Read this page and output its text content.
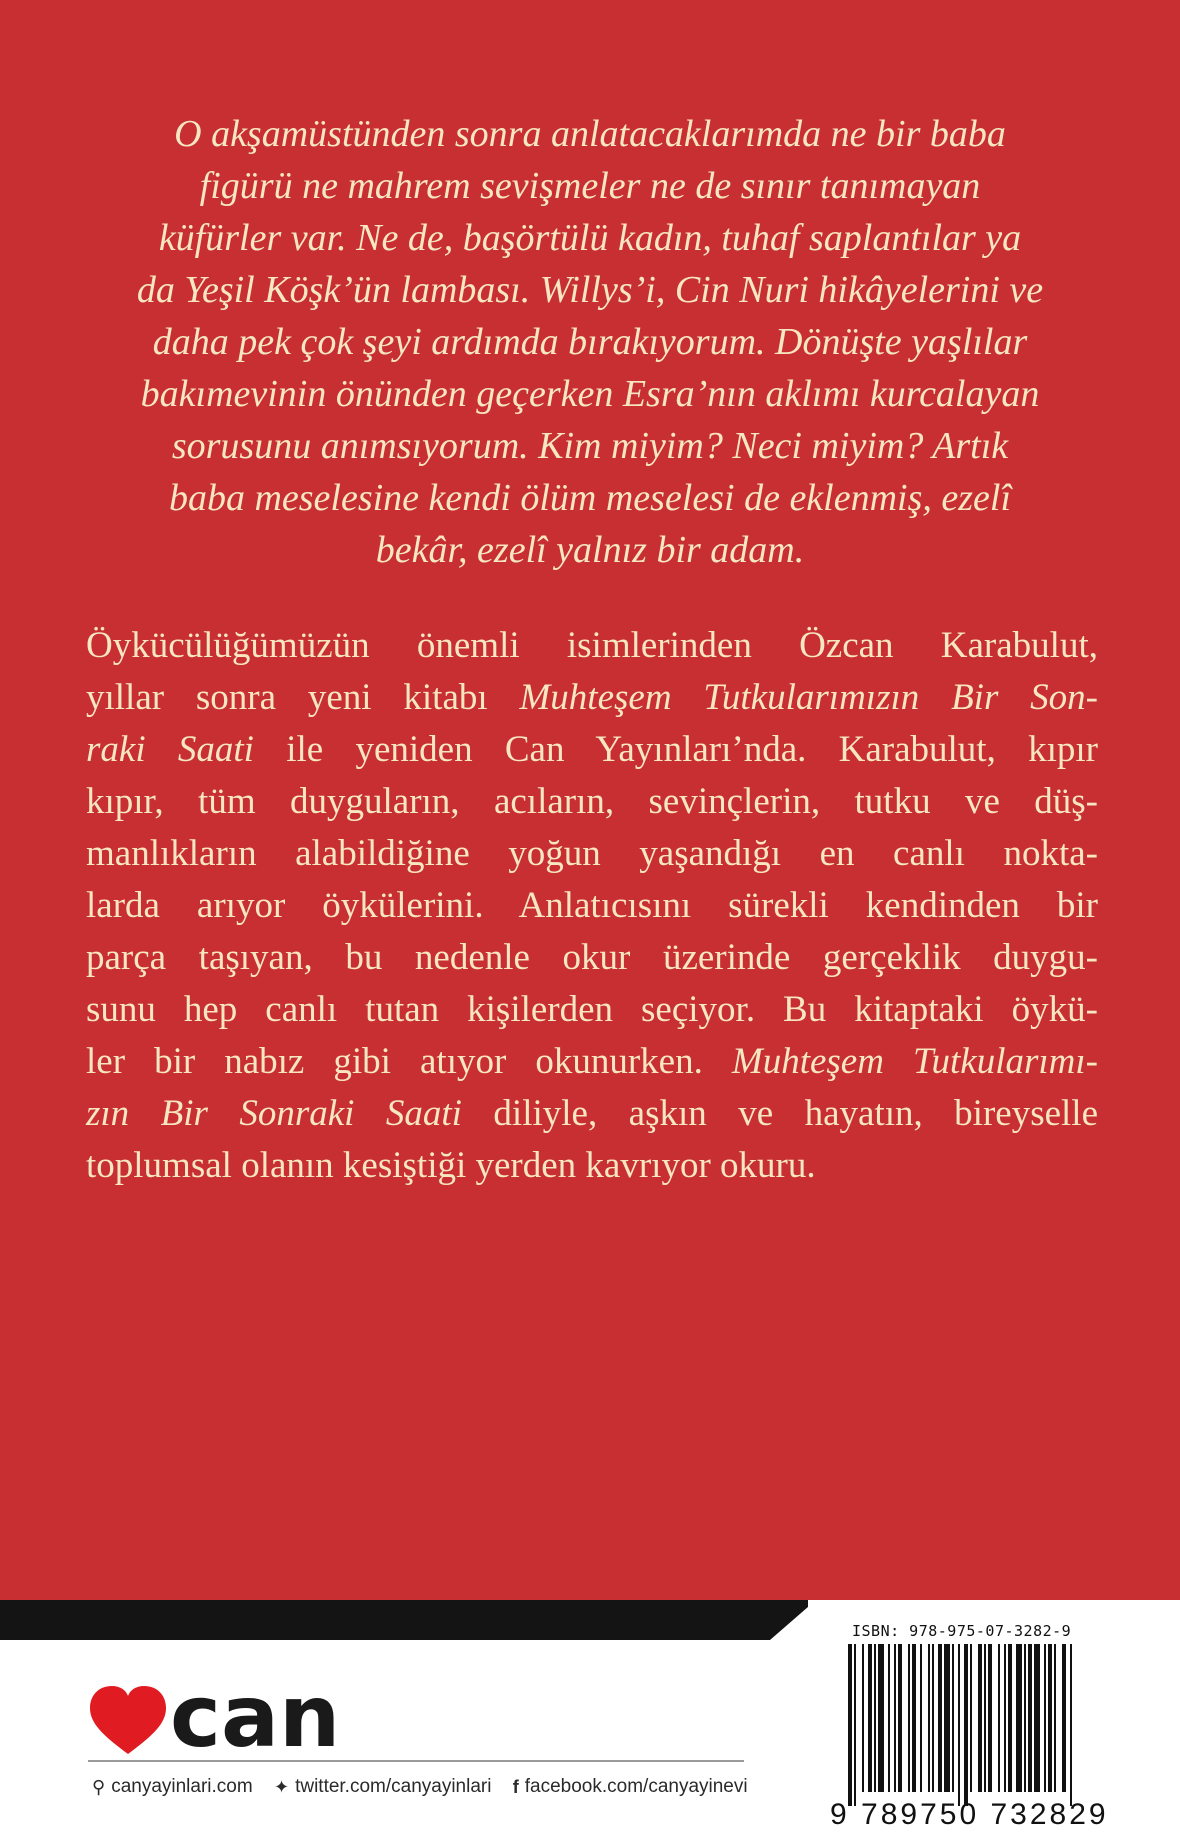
O akşamüstünden sonra anlatacaklarımda ne bir baba
figürü ne mahrem sevişmeler ne de sınır tanımayan
küfürler var. Ne de, başörtülü kadın, tuhaf saplantılar ya
da Yeşil Köşk’ün lambası. Willys’i, Cin Nuri hikâyelerini ve
daha pek çok şeyi ardımda bırakıyorum. Dönüşte yaşlılar
bakımevinin önünden geçerken Esra’nın aklımı kurcalayan
sorusunu anımsıyorum. Kim miyim? Neci miyim? Artık
baba meselesine kendi ölüm meselesi de eklenmiş, ezelî
bekâr, ezelî yalnız bir adam.

Öykücülüğümüzün önemli isimlerinden Özcan Karabulut,
yıllar sonra yeni kitabı Muhteşem Tutkularımızın Bir Son-
raki Saati ile yeniden Can Yayınları’nda. Karabulut, kıpır
kıpır, tüm duyguların, acıların, sevinçlerin, tutku ve düş-
manlıkların alabildiğine yoğun yaşandığı en canlı nokta-
larda arıyor öykülerini. Anlatıcısını sürekli kendinden bir
parça taşıyan, bu nedenle okur üzerinde gerçeklik duygu-
sunu hep canlı tutan kişilerden seçiyor. Bu kitaptaki öykü-
ler bir nabız gibi atıyor okunurken. Muhteşem Tutkularımı-
zın Bir Sonraki Saati diliyle, aşkın ve hayatın, bireyselle
toplumsal olanın kesiştiği yerden kavrıyor okuru.

can
⚲ canyayinlari.com
✦ twitter.com/canyayinlari
f facebook.com/canyayinevi
ISBN: 978-975-07-3282-9
9 789750 732829
